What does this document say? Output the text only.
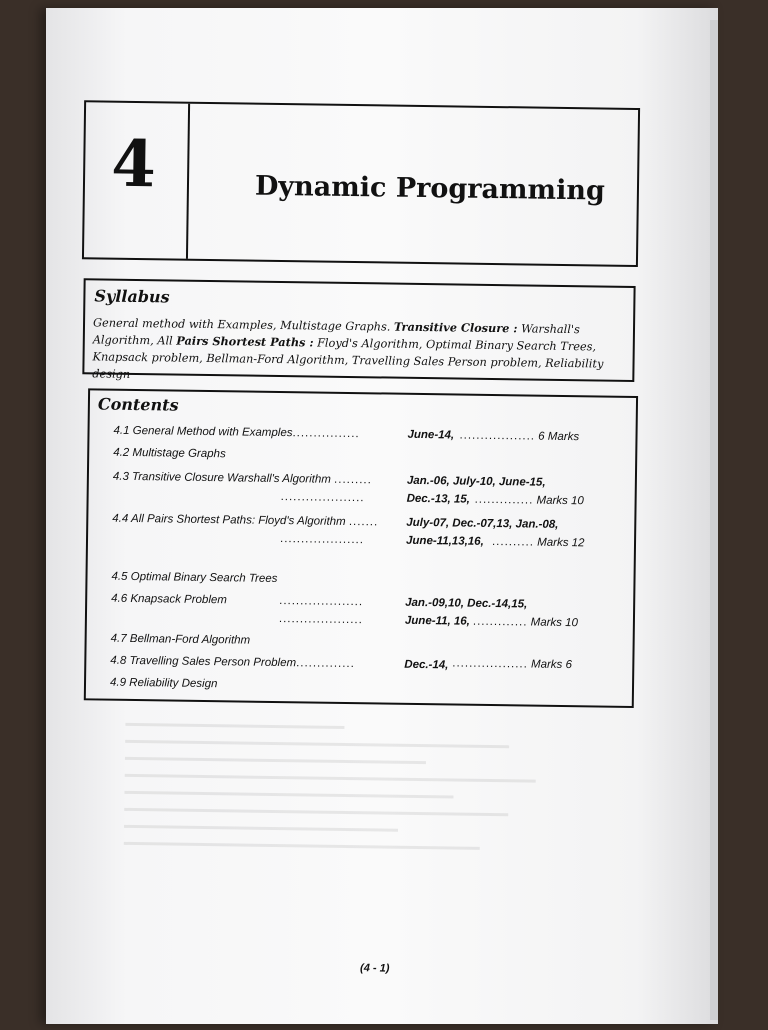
4	Dynamic Programming
Syllabus
General method with Examples, Multistage Graphs. Transitive Closure : Warshall's Algorithm, All Pairs Shortest Paths : Floyd's Algorithm, Optimal Binary Search Trees, Knapsack problem, Bellman-Ford Algorithm, Travelling Sales Person problem, Reliability design
Contents
4.1 General Method with Examples................	June-14, .................. 6 Marks
4.2 Multistage Graphs
4.3 Transitive Closure Warshall's Algorithm .........	Jan.-06, July-10, June-15,
....................	Dec.-13, 15, .............. Marks 10
4.4 All Pairs Shortest Paths: Floyd's Algorithm ....... July-07, Dec.-07,13, Jan.-08,
....................	June-11,13,16, .......... Marks 12
4.5 Optimal Binary Search Trees
4.6 Knapsack Problem	....................	Jan.-09,10, Dec.-14,15,
....................	June-11, 16, ............. Marks 10
4.7 Bellman-Ford Algorithm
4.8 Travelling Sales Person Problem..............	Dec.-14, .................. Marks 6
4.9 Reliability Design
(4 - 1)
